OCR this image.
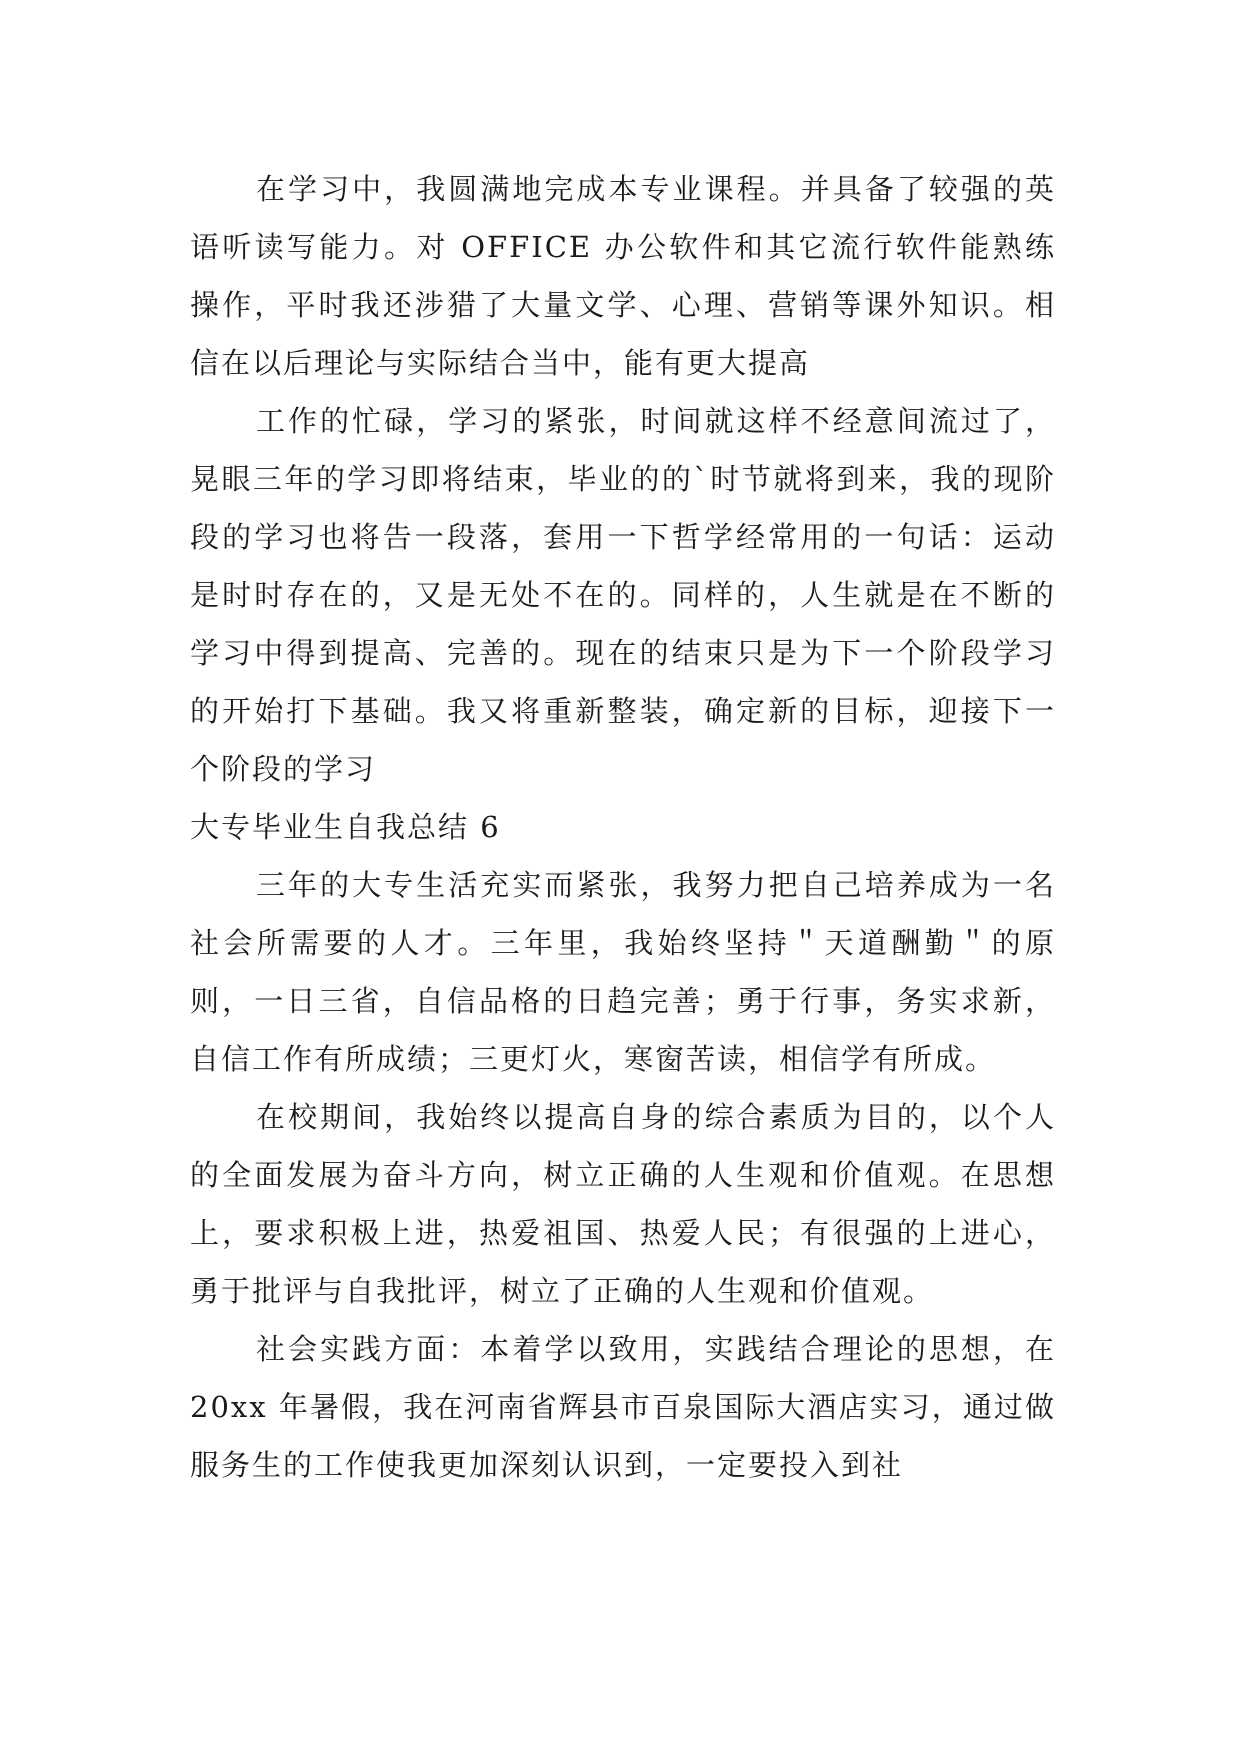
在学习中，我圆满地完成本专业课程。并具备了较强的英语听读写能力。对 OFFICE 办公软件和其它流行软件能熟练操作，平时我还涉猎了大量文学、心理、营销等课外知识。相信在以后理论与实际结合当中，能有更大提高

工作的忙碌，学习的紧张，时间就这样不经意间流过了，晃眼三年的学习即将结束，毕业的的`时节就将到来，我的现阶段的学习也将告一段落，套用一下哲学经常用的一句话：运动是时时存在的，又是无处不在的。同样的，人生就是在不断的学习中得到提高、完善的。现在的结束只是为下一个阶段学习的开始打下基础。我又将重新整装，确定新的目标，迎接下一个阶段的学习

大专毕业生自我总结 6

三年的大专生活充实而紧张，我努力把自己培养成为一名社会所需要的人才。三年里，我始终坚持＂天道酬勤＂的原则，一日三省，自信品格的日趋完善；勇于行事，务实求新，自信工作有所成绩；三更灯火，寒窗苦读，相信学有所成。

在校期间，我始终以提高自身的综合素质为目的，以个人的全面发展为奋斗方向，树立正确的人生观和价值观。在思想上，要求积极上进，热爱祖国、热爱人民；有很强的上进心，勇于批评与自我批评，树立了正确的人生观和价值观。

社会实践方面：本着学以致用，实践结合理论的思想，在 20xx 年暑假，我在河南省辉县市百泉国际大酒店实习，通过做服务生的工作使我更加深刻认识到，一定要投入到社
